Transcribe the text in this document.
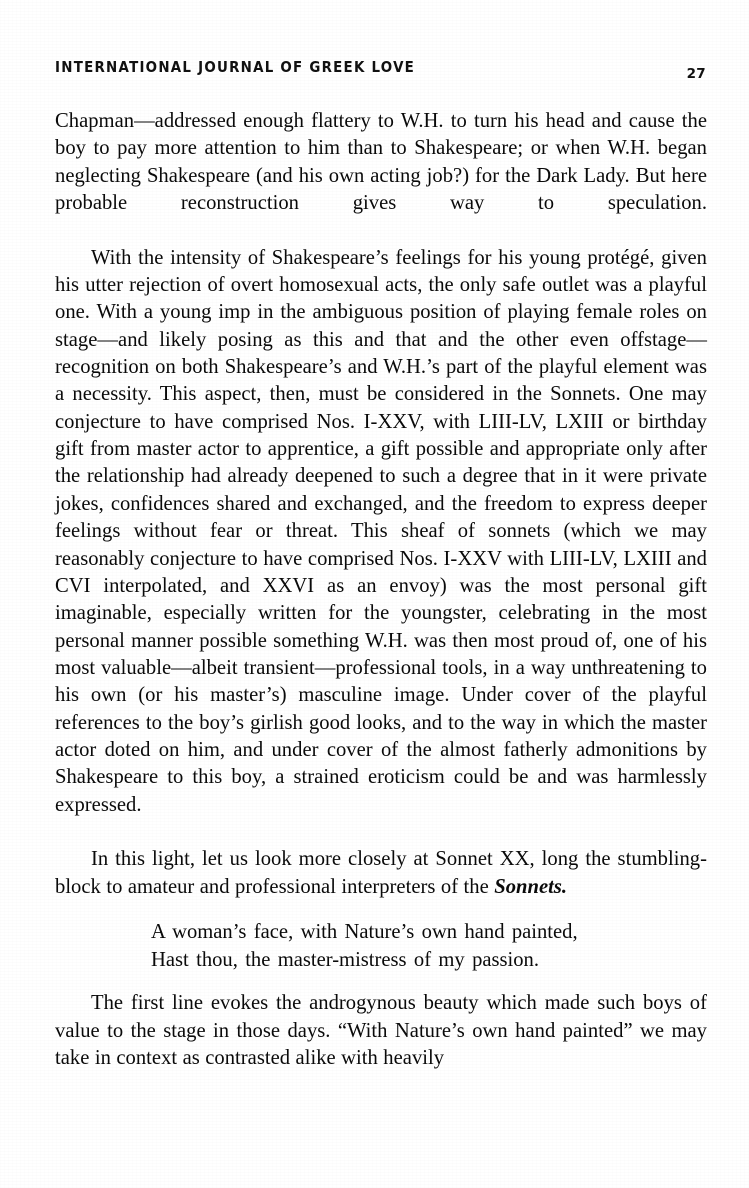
INTERNATIONAL JOURNAL OF GREEK LOVE	27

Chapman—addressed enough flattery to W.H. to turn his head and cause the boy to pay more attention to him than to Shakespeare; or when W.H. began neglecting Shakespeare (and his own acting job?) for the Dark Lady. But here probable reconstruction gives way to speculation.

With the intensity of Shakespeare’s feelings for his young protégé, given his utter rejection of overt homosexual acts, the only safe outlet was a playful one. With a young imp in the ambiguous position of playing female roles on stage—and likely posing as this and that and the other even offstage—recognition on both Shakespeare’s and W.H.’s part of the playful element was a necessity. This aspect, then, must be considered in the Sonnets. One may conjecture to have comprised Nos. I-XXV, with LIII-LV, LXIII or birthday gift from master actor to apprentice, a gift possible and appropriate only after the relationship had already deepened to such a degree that in it were private jokes, confidences shared and exchanged, and the freedom to express deeper feelings without fear or threat. This sheaf of sonnets (which we may reasonably conjecture to have comprised Nos. I-XXV with LIII-LV, LXIII and CVI interpolated, and XXVI as an envoy) was the most personal gift imaginable, especially written for the youngster, celebrating in the most personal manner possible something W.H. was then most proud of, one of his most valuable—albeit transient—professional tools, in a way unthreatening to his own (or his master’s) masculine image. Under cover of the playful references to the boy’s girlish good looks, and to the way in which the master actor doted on him, and under cover of the almost fatherly admonitions by Shakespeare to this boy, a strained eroticism could be and was harmlessly expressed.

In this light, let us look more closely at Sonnet XX, long the stumbling-block to amateur and professional interpreters of the Sonnets.

A woman’s face, with Nature’s own hand painted,
Hast thou, the master-mistress of my passion.

The first line evokes the androgynous beauty which made such boys of value to the stage in those days. “With Nature’s own hand painted” we may take in context as contrasted alike with heavily
